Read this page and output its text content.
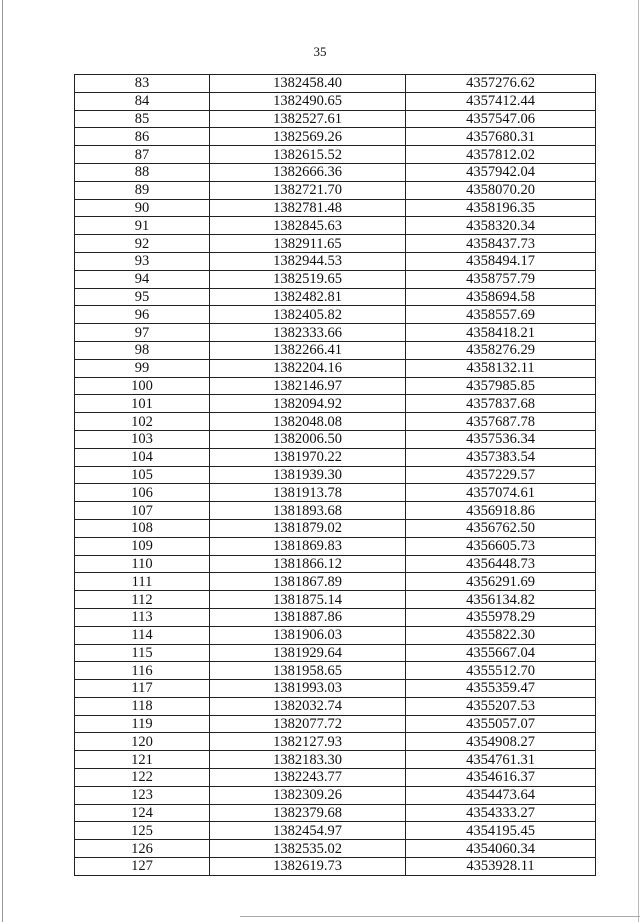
35
83	1382458.40	4357276.62
84	1382490.65	4357412.44
85	1382527.61	4357547.06
86	1382569.26	4357680.31
87	1382615.52	4357812.02
88	1382666.36	4357942.04
89	1382721.70	4358070.20
90	1382781.48	4358196.35
91	1382845.63	4358320.34
92	1382911.65	4358437.73
93	1382944.53	4358494.17
94	1382519.65	4358757.79
95	1382482.81	4358694.58
96	1382405.82	4358557.69
97	1382333.66	4358418.21
98	1382266.41	4358276.29
99	1382204.16	4358132.11
100	1382146.97	4357985.85
101	1382094.92	4357837.68
102	1382048.08	4357687.78
103	1382006.50	4357536.34
104	1381970.22	4357383.54
105	1381939.30	4357229.57
106	1381913.78	4357074.61
107	1381893.68	4356918.86
108	1381879.02	4356762.50
109	1381869.83	4356605.73
110	1381866.12	4356448.73
111	1381867.89	4356291.69
112	1381875.14	4356134.82
113	1381887.86	4355978.29
114	1381906.03	4355822.30
115	1381929.64	4355667.04
116	1381958.65	4355512.70
117	1381993.03	4355359.47
118	1382032.74	4355207.53
119	1382077.72	4355057.07
120	1382127.93	4354908.27
121	1382183.30	4354761.31
122	1382243.77	4354616.37
123	1382309.26	4354473.64
124	1382379.68	4354333.27
125	1382454.97	4354195.45
126	1382535.02	4354060.34
127	1382619.73	4353928.11
